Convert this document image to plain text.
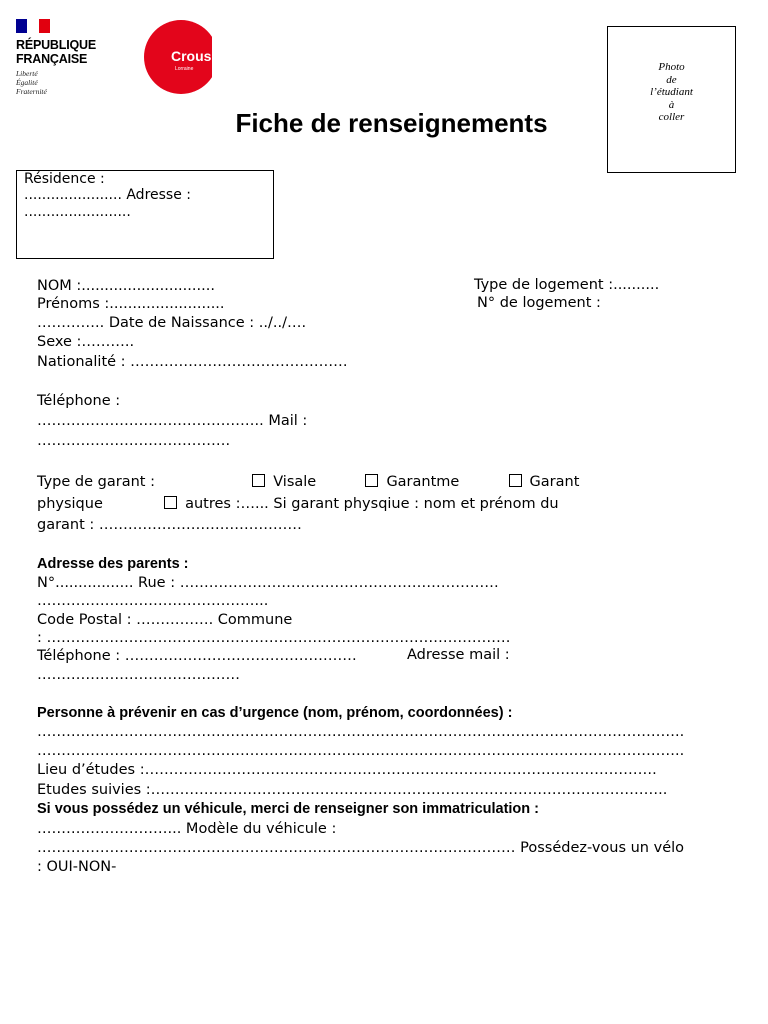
RÉPUBLIQUE
FRANÇAISE
Liberté
Égalité
Fraternité
Crous
Lorraine	Photo
de
l’étudiant
à
coller
Fiche de renseignements
Résidence :
...................... Adresse :
........................
NOM :.............................	Type de logement :..........
Prénoms :.........................	N° de logement :
………….. Date de Naissance : ../../….
Sexe :………..
Nationalité : ………………………………………
Téléphone :
……………………………………….. Mail :
………………………………….
Type de garant :	Visale	Garantme	Garant
physique	autres :…... Si garant physqiue : nom et prénom du
garant : ……………………………………
Adresse des parents :
N°................. Rue : …………………………………………………………
………………………………………...
Code Postal : ……………. Commune
: ……………………………………………………………………………………
Téléphone : …………………………………………	Adresse mail :
……………………………………
Personne à prévenir en cas d’urgence (nom, prénom, coordonnées) :
……………………………………………………………………………………………………………………..
……………………………………………………………………………………………………………………..
Lieu d’études :…………………………………………………………………………………………….
Etudes suivies :……………………………………………………………………………………………..
Si vous possédez un véhicule, merci de renseigner son immatriculation :
………………………... Modèle du véhicule :
……………………………………………………………………………………… Possédez-vous un vélo
: OUI-NON-
